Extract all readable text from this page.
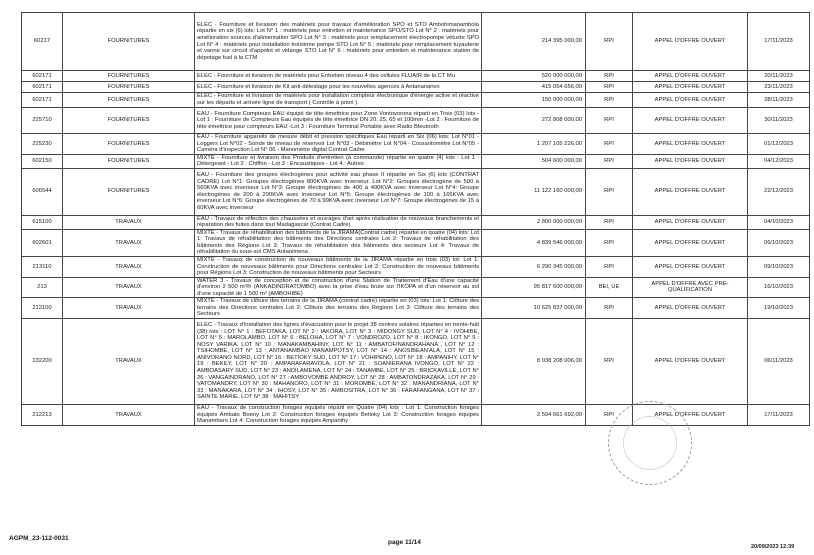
60217	FOURNITURES	ELEC - Fourniture et livraison des matériels pour travaux d'amélioration SPO et STO Ambohimanambola répartie en six (6) lots: Lot N° 1 : matériels pour entretien et maintenance SPO/STO Lot N° 2 : matériels pour amélioration sources d'alimentation SPO Lot N° 3 : matériels pour remplacement électropompe vétuste SPO Lot N° 4 : matériels pour installation troisième pompe STO Lot N° 5 : matériels pour remplacement tuyauterie et vanne sur circuit d'appoint et vidange STO Lot N° 6 : matériels pour entretien et maintenance station de dépotage fuel à la CTM	214 395 000,00	RPI	APPEL D'OFFRE OUVERT	17/11/2023
602171	FOURNITURES	ELEC - Fourniture et livraison de matériels pour Entretien niveau 4 des cellules FLUAIR de la CT Mu	520 000 000,00	RPI	APPEL D'OFFRE OUVERT	20/11/2023
602171	FOURNITURES	ELEC - Fourniture et livraison de Kit anti-délestage pour les nouvelles agences à Antananarivo	415 054 656,00	RPI	APPEL D'OFFRE OUVERT	23/11/2023
602171	FOURNITURES	ELEC - Fourniture et livraison de matériels pour installation compteur électronique d'énergie active et réactive sur les départs et arrivée ligne de transport ( Contrôle à priori ).	150 000 000,00	RPI	APPEL D'OFFRE OUVERT	28/11/2023
225710	FOURNITURES	EAU - Fourniture Compteurs EAU équipé de tête émettrice pour Zone Vontovorona réparti en Trois (03) lots -Lot 1 : Fourniture de Compteurs Eau équipés de tête émettrice DN 20, 25, 65 et 100mm -Lot 2 : Fourniture de tête émettrice pour compteurs EAU -Lot 3 : Fourniture Terminal Portable avec Radio Bleutooth	272 808 000,00	RPI	APPEL D'OFFRE OUVERT	30/11/2023
225230	FOURNITURES	EAU - Fourniture appareils de mesure débit et pression spécifiques Eau réparti en Six (06) lots: Lot N°01 - Loggers Lot N°02 - Sonde de niveau de réservoir Lot N°03 - Débimètre Lot N°04 - Courantomètre Lot N°05 - Caméra d'inspection Lot N° 06 - Manomètre digital Contrat Cadre	1 207 105 226,00	RPI	APPEL D'OFFRE OUVERT	01/12/2023
602150	FOURNITURES	MIXTE - Fourniture et livraison des Produits d'entretien (à commande) répartie en quatre (4) lots : Lot 1 : Détergeant - Lot 2 : Chiffon - Lot 3 : Encaustiques - Lot 4 : Autres	504 600 000,00	RPI	APPEL D'OFFRE OUVERT	04/12/2023
606544	FOURNITURES	EAU - Fourniture des groupes électrogènes pour activité eau phase II répartie en Six (6) lots (CONTRAT CADRE) Lot N°1: Groupes électrogènes 800KVA avec inverseur. Lot N°2: Groupes électrogène de 500 à 560KVA avec inverseur Lot N°3: Groupe électrogènes de 400 à 490KVA avec inverseur Lot N°4: Groupe électrogènes de 200 à 290KVA avec inverseur Lot N°5: Groupe électrogènes de 100 à 165KVA avec inverseur Lot N°6: Groupe électrogènes de 70 à 99KVA avec inverseur Lot N°7: Groupe électrogènes de 15 à 60KVA avec inverseur	11 122 160 000,00	RPI	APPEL D'OFFRE OUVERT	22/12/2023
615100	TRAVAUX	EAU - Travaux de réfection des chaussées et ouvrages d'art après réalisation de nouveaux branchements et réparation des fuites dans tout Madagascar (Contrat Cadre)	2 800 000 000,00	RPI	APPEL D'OFFRE OUVERT	04/10/2023
602601	TRAVAUX	MIXTE - Travaux de réhabilitation des bâtiments de la JIRAMA(Contrat cadre) répartie en quatre (04) lots: Lot 1: Travaux de réhabilitation des bâtiments des Directions centrales Lot 2: Travaux de réhabilitation des bâtiments des Régions Lot 3: Travaux de réhabilitation des bâtiments des secteurs Lot 4: Travaux de réhabilitation du sous-sol CMS Antanimena	4 839 546 000,00	RPI	APPEL D'OFFRE OUVERT	06/10/2023
213110	TRAVAUX	MIXTE - Travaux de construction de nouveaux bâtiments de la JIRAMA répartie en trois (03) lot: Lot 1: Construction de nouveaux bâtiments pour Directions centrales Lot 2: Construction de nouveaux bâtiments pour Régions Lot 3: Construction de nouveaux bâtiments pour Secteurs	6 290 345 000,00	RPI	APPEL D'OFFRE OUVERT	09/10/2023
213	TRAVAUX	WATER 3 - Travaux de conception et de construction d'une Station de Traitement d'Eau d'une capacité d'environ 2 500 m³/h (ANKADINDRATOMBO) avec la prise d'eau brute sur l'IKOPA et d'un réservoir au sol d'une capacité de 1 500 m³ (AMBOHIBE)	95 817 600 000,00	BEI, UE	APPEL D'OFFRE AVEC PRE-QUALIFICATION	16/10/2023
212100	TRAVAUX	MIXTE - Travaux de clôture des terrains de la JIRAMA (contrat cadre) répartie en (03) lots: Lot 1: Clôture des terrains des Directions centrales Lot 2: Clôture des terrains des Régions Lot 3: Clôture des terrains des Secteurs	10 625 837 000,00	RPI	APPEL D'OFFRE OUVERT	19/10/2023
132200	TRAVAUX	ELEC - Travaux d'installation des lignes d'évacuation pour le projet 38 centres solaires réparties en trente-huit (38) lots : LOT N° 1 : BEFOTAKA, LOT N° 2 : IAKORA, LOT N° 3 : MIDONGY SUD, LOT N° 4 : IVOHIBE, LOT N° 5 : MAROLAMBO, LOT N° 6 : BELOHA, LOT N° 7 : VONDROZO, LOT N° 8 : IKONGO, LOT N° 9 : NOSY VARIKA, LOT N° 10 : MANAKAMBAHINY, LOT N° 11 : AMBATOFINANDRAHANA , LOT N° 12 : TSIHOMBE, LOT N° 13 : ANTANAMBAO MANAMPOTSY, LOT N° 14 : ANOSIBEAN'ALA, LOT N° 15 : ANIVORANO NORD, LOT N° 16 : BETIOKY SUD, LOT N° 17 : VOHIPENO, LOT N° 18 : AMPANIHY, LOT N° 19 : BEKILY, LOT N° 20 : AMPARAFARAVOLA, LOT N° 21 : SOANIERANA IVONGO, LOT N° 22 : AMBOASARY SUD, LOT N° 23 : ANDILAMENA, LOT N° 24 : TANAMBE, LOT N° 25 : BRICKAVILLE, LOT N° 26 : VANGAINDRANO, LOT N° 27 : AMBOVOMBE ANDROY, LOT N° 28 : AMBATONDRAZAKA, LOT N° 29 : VATOMANDRY, LOT N° 30 : MAHANORO, LOT N° 31 : MOROMBE, LOT N° 32 : MANANDRIANA, LOT N° 33 : MANAKARA, LOT N° 34 : IHOSY, LOT N° 35 : AMBOSITRA, LOT N° 36 : FARAFANGANA, LOT N° 37 : SAINTE MARIE, LOT N° 38 : MAHITSY	8 038 208 006,00	RPI	APPEL D'OFFRE OUVERT	06/11/2023
212213	TRAVAUX	EAU - Travaux de construction forages équipés réparti en Quatre (04) lots : Lot 1: Construction forages équipés Ambato Boeny Lot 2: Construction forages équipés Betioky Lot 3: Construction forages équipés Manambaro Lot 4: Construction forages équipés Ampanihy	2 594 661 692,00	RPI	APPEL D'OFFRE OUVERT	17/11/2023
AGPM_23-112-0031
page 11/14
20/09/2023 12:39
